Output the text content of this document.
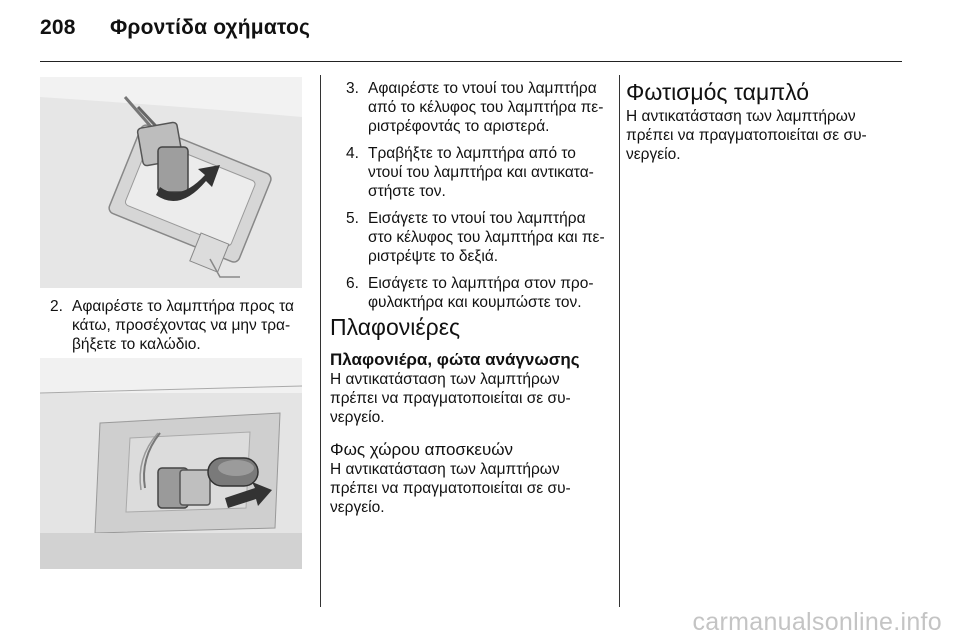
208 Φροντίδα οχήματος
2. Αφαιρέστε το λαμπτήρα προς τα
κάτω, προσέχοντας να μην τρα-
βήξετε το καλώδιο.
3. Αφαιρέστε το ντουί του λαμπτήρα
από το κέλυφος του λαμπτήρα πε-
ριστρέφοντάς το αριστερά.
4. Τραβήξτε το λαμπτήρα από το
ντουί του λαμπτήρα και αντικατα-
στήστε τον.
5. Εισάγετε το ντουί του λαμπτήρα
στο κέλυφος του λαμπτήρα και πε-
ριστρέψτε το δεξιά.
6. Εισάγετε το λαμπτήρα στον προ-
φυλακτήρα και κουμπώστε τον.
Πλαφονιέρες
Πλαφονιέρα, φώτα ανάγνωσης

Η αντικατάσταση των λαμπτήρων
πρέπει να πραγματοποιείται σε συ-
νεργείο.

Φως χώρου αποσκευών

Η αντικατάσταση των λαμπτήρων
πρέπει να πραγματοποιείται σε συ-
νεργείο.

Φωτισμός ταμπλό

Η αντικατάσταση των λαμπτήρων
πρέπει να πραγματοποιείται σε συ-
νεργείο.

carmanualsonline.info
